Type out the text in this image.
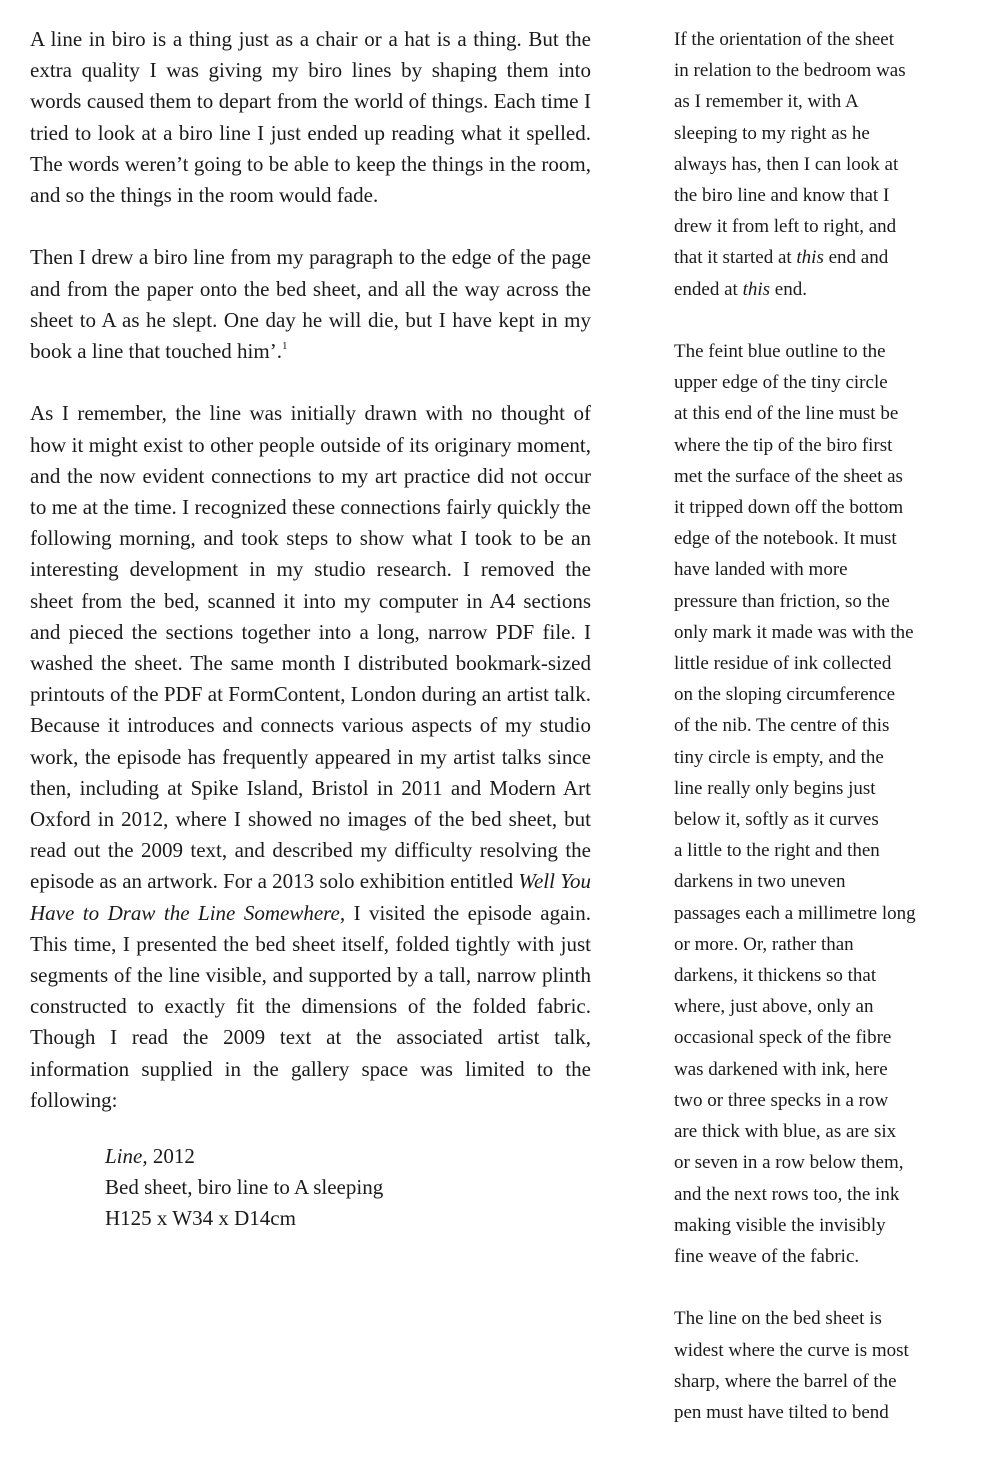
A line in biro is a thing just as a chair or a hat is a thing. But the extra quality I was giving my biro lines by shaping them into words caused them to depart from the world of things. Each time I tried to look at a biro line I just ended up reading what it spelled. The words weren’t going to be able to keep the things in the room, and so the things in the room would fade.

Then I drew a biro line from my paragraph to the edge of the page and from the paper onto the bed sheet, and all the way across the sheet to A as he slept. One day he will die, but I have kept in my book a line that touched him’.$^1$

As I remember, the line was initially drawn with no thought of how it might exist to other people outside of its originary moment, and the now evident connections to my art practice did not occur to me at the time. I recognized these connections fairly quickly the following morning, and took steps to show what I took to be an interesting development in my studio research. I removed the sheet from the bed, scanned it into my computer in A4 sections and pieced the sections together into a long, narrow PDF file. I washed the sheet. The same month I distributed bookmark-sized printouts of the PDF at FormContent, London during an artist talk. Because it introduces and connects various aspects of my studio work, the episode has frequently appeared in my artist talks since then, including at Spike Island, Bristol in 2011 and Modern Art Oxford in 2012, where I showed no images of the bed sheet, but read out the 2009 text, and described my difficulty resolving the episode as an artwork. For a 2013 solo exhibition entitled Well You Have to Draw the Line Somewhere, I visited the episode again. This time, I presented the bed sheet itself, folded tightly with just segments of the line visible, and supported by a tall, narrow plinth constructed to exactly fit the dimensions of the folded fabric. Though I read the 2009 text at the associated artist talk, information supplied in the gallery space was limited to the following:

Line, 2012
Bed sheet, biro line to A sleeping
H125 x W34 x D14cm

If the orientation of the sheet
in relation to the bedroom was
as I remember it, with A
sleeping to my right as he
always has, then I can look at
the biro line and know that I
drew it from left to right, and
that it started at this end and
ended at this end.

The feint blue outline to the
upper edge of the tiny circle
at this end of the line must be
where the tip of the biro first
met the surface of the sheet as
it tripped down off the bottom
edge of the notebook. It must
have landed with more
pressure than friction, so the
only mark it made was with the
little residue of ink collected
on the sloping circumference
of the nib. The centre of this
tiny circle is empty, and the
line really only begins just
below it, softly as it curves
a little to the right and then
darkens in two uneven
passages each a millimetre long
or more. Or, rather than
darkens, it thickens so that
where, just above, only an
occasional speck of the fibre
was darkened with ink, here
two or three specks in a row
are thick with blue, as are six
or seven in a row below them,
and the next rows too, the ink
making visible the invisibly
fine weave of the fabric.

The line on the bed sheet is
widest where the curve is most
sharp, where the barrel of the
pen must have tilted to bend
